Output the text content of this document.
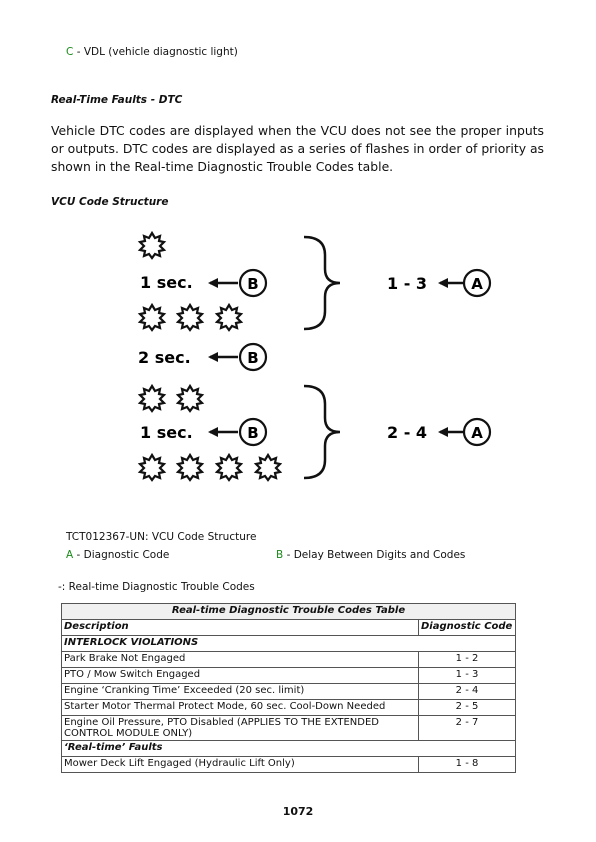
C - VDL (vehicle diagnostic light)
Real-Time Faults - DTC
Vehicle DTC codes are displayed when the VCU does not see the proper inputs or outputs. DTC codes are displayed as a series of flashes in order of priority as shown in the Real-time Diagnostic Trouble Codes table.
VCU Code Structure
1 sec.
2 sec.
1 sec.
B
B
B
1 - 3	A
2 - 4	A
TCT012367-UN: VCU Code Structure
A - Diagnostic Code	B - Delay Between Digits and Codes
-: Real-time Diagnostic Trouble Codes
Real-time Diagnostic Trouble Codes Table	
Description	Diagnostic Code
INTERLOCK VIOLATIONS	
Park Brake Not Engaged	1 - 2
PTO / Mow Switch Engaged	1 - 3
Engine ‘Cranking Time’ Exceeded (20 sec. limit)	2 - 4
Starter Motor Thermal Protect Mode, 60 sec. Cool-Down Needed	2 - 5
Engine Oil Pressure, PTO Disabled (APPLIES TO THE EXTENDED CONTROL MODULE ONLY)	2 - 7
‘Real-time’ Faults	
Mower Deck Lift Engaged (Hydraulic Lift Only)	1 - 8
1072
